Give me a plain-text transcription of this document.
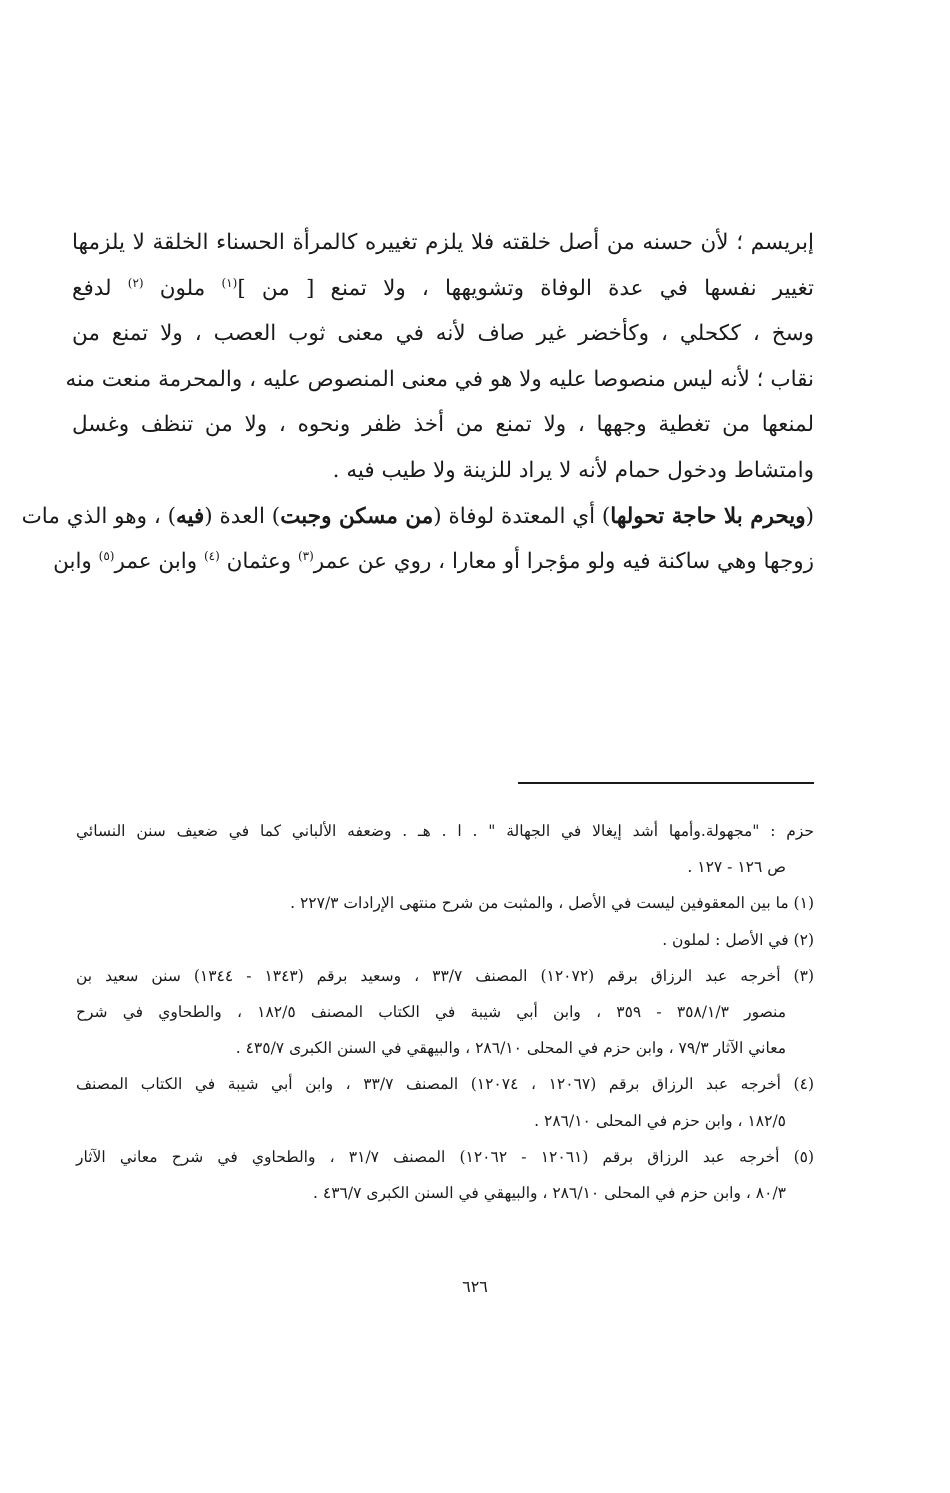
إبريسم ؛ لأن حسنه من أصل خلقته فلا يلزم تغييره كالمرأة الحسناء الخلقة لا يلزمها
تغيير نفسها في عدة الوفاة وتشويهها ، ولا تمنع [ من ]$^{(١)}$ ملون $^{(٢)}$ لدفع
وسخ ، ككحلي ، وكأخضر غير صاف لأنه في معنى ثوب العصب ، ولا تمنع من
نقاب ؛ لأنه ليس منصوصا عليه ولا هو في معنى المنصوص عليه ، والمحرمة منعت منه
لمنعها من تغطية وجهها ، ولا تمنع من أخذ ظفر ونحوه ، ولا من تنظف وغسل
وامتشاط ودخول حمام لأنه لا يراد للزينة ولا طيب فيه .
(ويحرم بلا حاجة تحولها) أي المعتدة لوفاة (من مسكن وجبت) العدة (فيه) ، وهو الذي مات
زوجها وهي ساكنة فيه ولو مؤجرا أو معارا ، روي عن عمر$^{(٣)}$ وعثمان $^{(٤)}$ وابن عمر$^{(٥)}$ وابن
حزم : "مجهولة.وأمها أشد إيغالا في الجهالة " . ا . هـ . وضعفه الألباني كما في ضعيف سنن النسائي
ص ١٢٦ - ١٢٧ .
(١) ما بين المعقوفين ليست في الأصل ، والمثبت من شرح منتهى الإرادات ٢٢٧/٣ .
(٢) في الأصل : لملون .
(٣) أخرجه عبد الرزاق برقم (١٢٠٧٢) المصنف ٣٣/٧ ، وسعيد برقم (١٣٤٣ - ١٣٤٤) سنن سعيد بن
منصور ٣٥٨/١/٣ - ٣٥٩ ، وابن أبي شيبة في الكتاب المصنف ١٨٢/٥ ، والطحاوي في شرح
معاني الآثار ٧٩/٣ ، وابن حزم في المحلى ٢٨٦/١٠ ، والبيهقي في السنن الكبرى ٤٣٥/٧ .
(٤) أخرجه عبد الرزاق برقم (١٢٠٦٧ ، ١٢٠٧٤) المصنف ٣٣/٧ ، وابن أبي شيبة في الكتاب المصنف
١٨٢/٥ ، وابن حزم في المحلى ٢٨٦/١٠ .
(٥) أخرجه عبد الرزاق برقم (١٢٠٦١ - ١٢٠٦٢) المصنف ٣١/٧ ، والطحاوي في شرح معاني الآثار
٨٠/٣ ، وابن حزم في المحلى ٢٨٦/١٠ ، والبيهقي في السنن الكبرى ٤٣٦/٧ .
٦٢٦
